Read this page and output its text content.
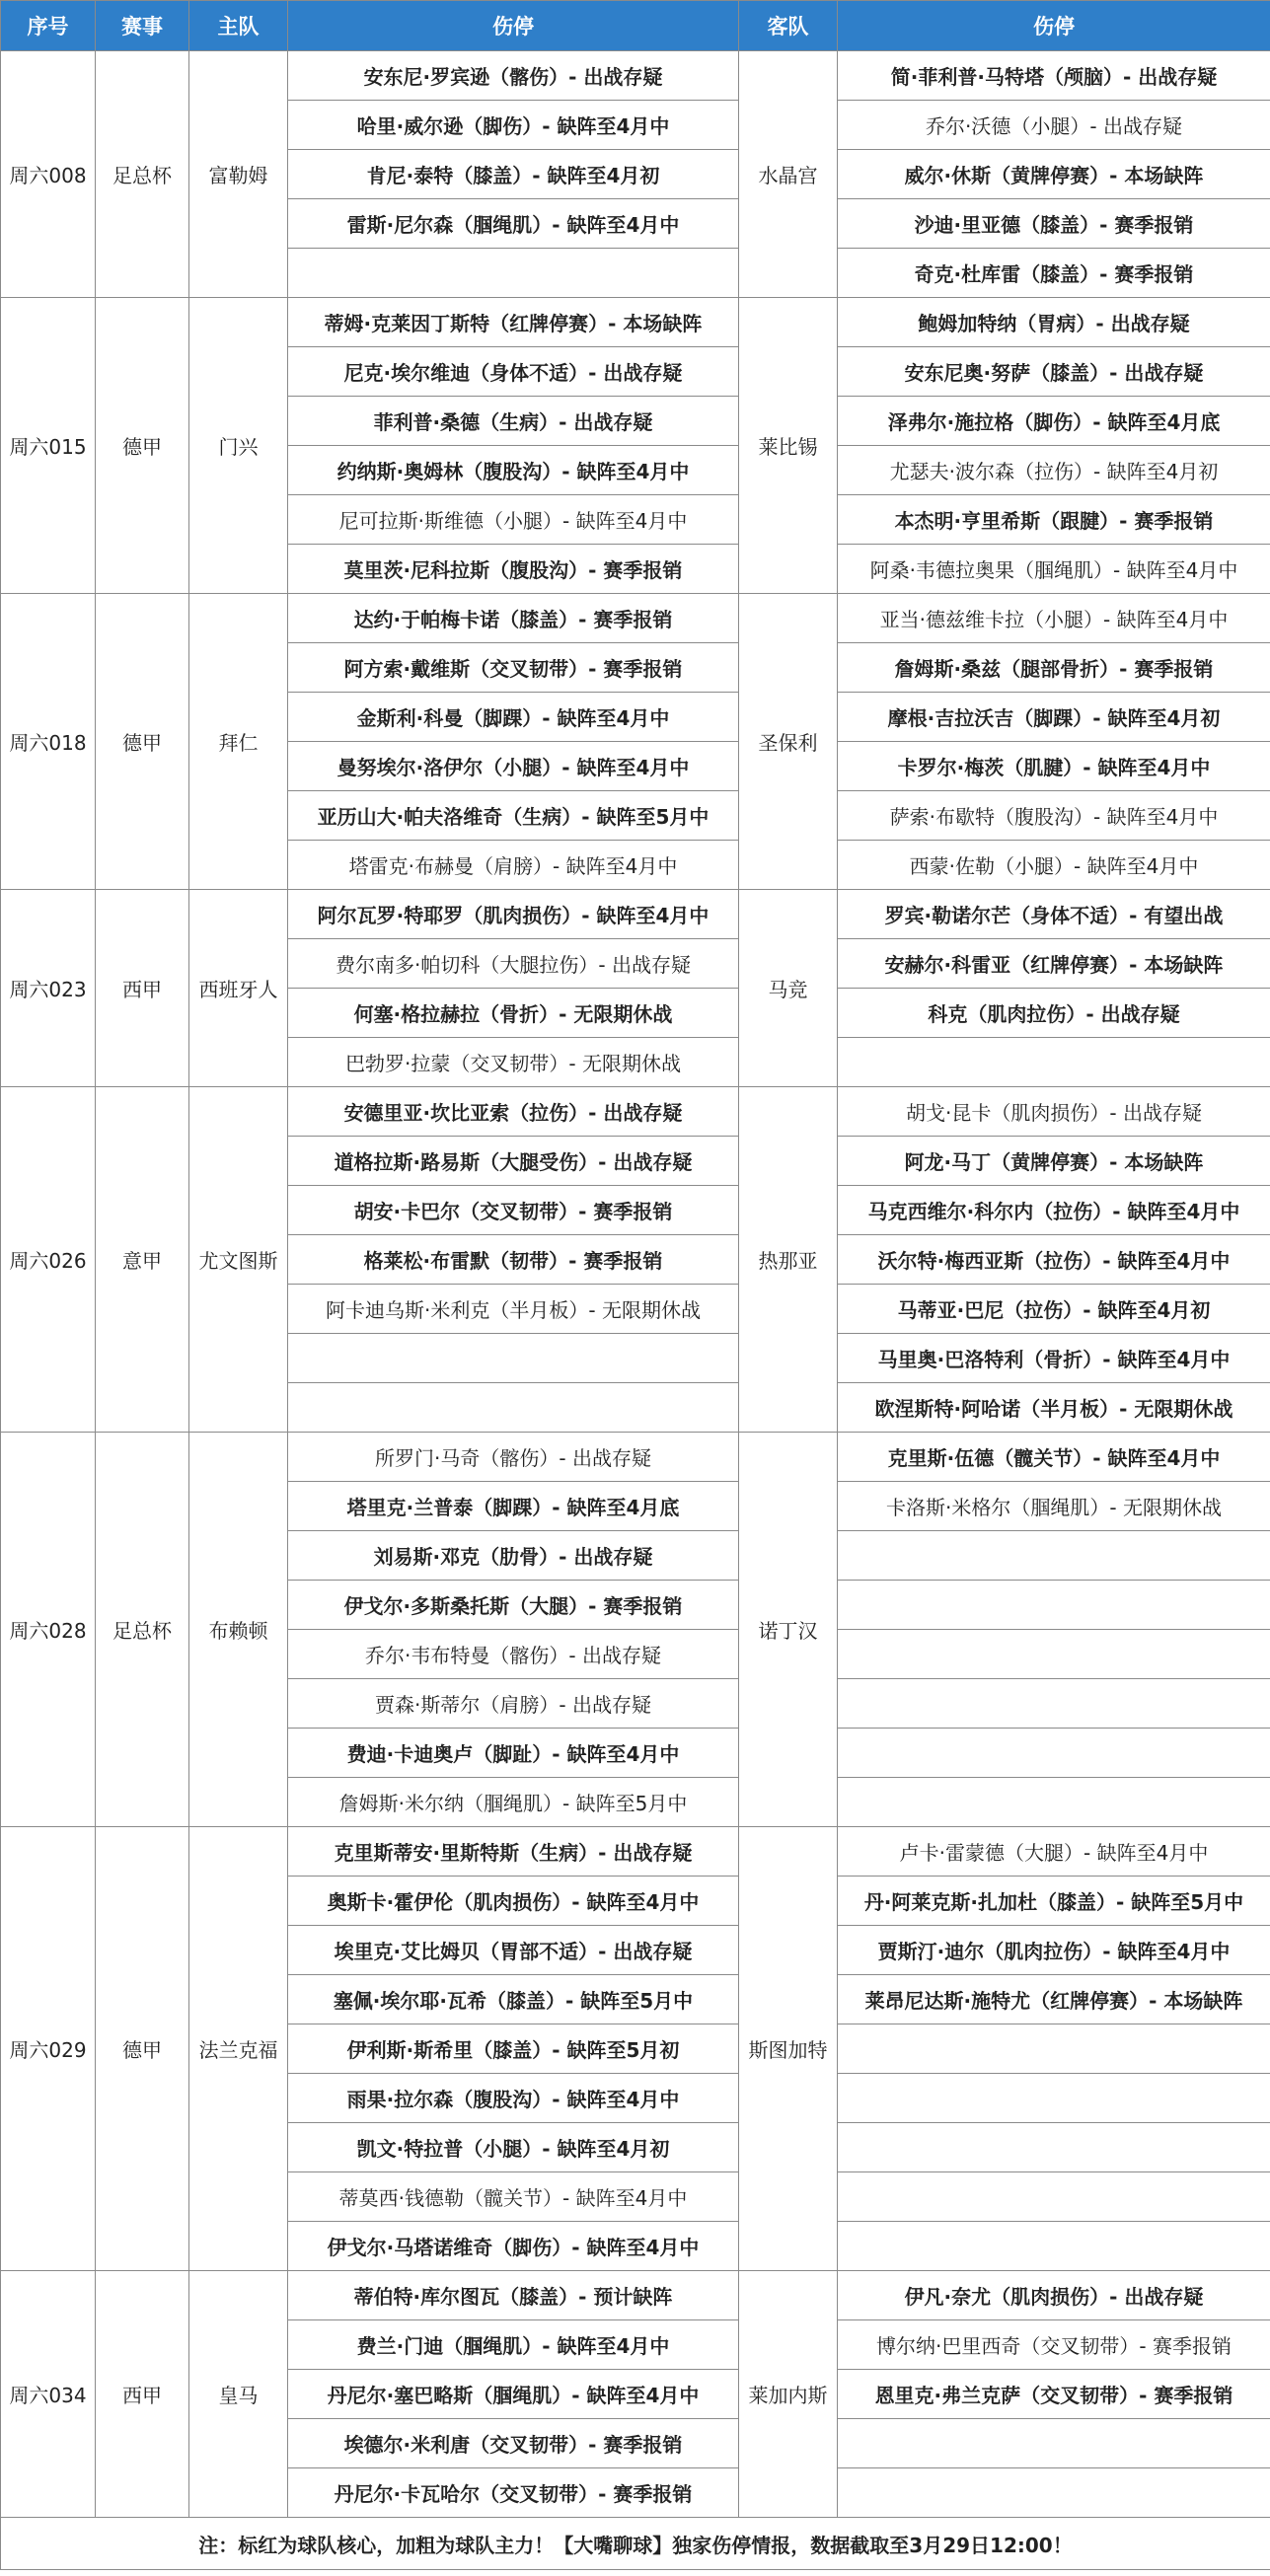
序号	赛事	主队	伤停	客队	伤停
周六008	足总杯	富勒姆	安东尼·罗宾逊（髂伤）- 出战存疑	水晶宫	简·菲利普·马特塔（颅脑）- 出战存疑
			哈里·威尔逊（脚伤）- 缺阵至4月中		乔尔·沃德（小腿）- 出战存疑
			肯尼·泰特（膝盖）- 缺阵至4月初		威尔·休斯（黄牌停赛）- 本场缺阵
			雷斯·尼尔森（腘绳肌）- 缺阵至4月中		沙迪·里亚德（膝盖）- 赛季报销
					奇克·杜库雷（膝盖）- 赛季报销
周六015	德甲	门兴	蒂姆·克莱因丁斯特（红牌停赛）- 本场缺阵	莱比锡	鲍姆加特纳（胃病）- 出战存疑
			尼克·埃尔维迪（身体不适）- 出战存疑		安东尼奥·努萨（膝盖）- 出战存疑
			菲利普·桑德（生病）- 出战存疑		泽弗尔·施拉格（脚伤）- 缺阵至4月底
			约纳斯·奥姆林（腹股沟）- 缺阵至4月中		尤瑟夫·波尔森（拉伤）- 缺阵至4月初
			尼可拉斯·斯维德（小腿）- 缺阵至4月中		本杰明·亨里希斯（跟腱）- 赛季报销
			莫里茨·尼科拉斯（腹股沟）- 赛季报销		阿桑·韦德拉奥果（腘绳肌）- 缺阵至4月中
周六018	德甲	拜仁	达约·于帕梅卡诺（膝盖）- 赛季报销	圣保利	亚当·德兹维卡拉（小腿）- 缺阵至4月中
			阿方索·戴维斯（交叉韧带）- 赛季报销		詹姆斯·桑兹（腿部骨折）- 赛季报销
			金斯利·科曼（脚踝）- 缺阵至4月中		摩根·吉拉沃吉（脚踝）- 缺阵至4月初
			曼努埃尔·洛伊尔（小腿）- 缺阵至4月中		卡罗尔·梅茨（肌腱）- 缺阵至4月中
			亚历山大·帕夫洛维奇（生病）- 缺阵至5月中		萨索·布歇特（腹股沟）- 缺阵至4月中
			塔雷克·布赫曼（肩膀）- 缺阵至4月中		西蒙·佐勒（小腿）- 缺阵至4月中
周六023	西甲	西班牙人	阿尔瓦罗·特耶罗（肌肉损伤）- 缺阵至4月中	马竞	罗宾·勒诺尔芒（身体不适）- 有望出战
			费尔南多·帕切科（大腿拉伤）- 出战存疑		安赫尔·科雷亚（红牌停赛）- 本场缺阵
			何塞·格拉赫拉（骨折）- 无限期休战		科克（肌肉拉伤）- 出战存疑
			巴勃罗·拉蒙（交叉韧带）- 无限期休战		
周六026	意甲	尤文图斯	安德里亚·坎比亚索（拉伤）- 出战存疑	热那亚	胡戈·昆卡（肌肉损伤）- 出战存疑
			道格拉斯·路易斯（大腿受伤）- 出战存疑		阿龙·马丁（黄牌停赛）- 本场缺阵
			胡安·卡巴尔（交叉韧带）- 赛季报销		马克西维尔·科尔内（拉伤）- 缺阵至4月中
			格莱松·布雷默（韧带）- 赛季报销		沃尔特·梅西亚斯（拉伤）- 缺阵至4月中
			阿卡迪乌斯·米利克（半月板）- 无限期休战		马蒂亚·巴尼（拉伤）- 缺阵至4月初
					马里奥·巴洛特利（骨折）- 缺阵至4月中
					欧涅斯特·阿哈诺（半月板）- 无限期休战
周六028	足总杯	布赖顿	所罗门·马奇（髂伤）- 出战存疑	诺丁汉	克里斯·伍德（髋关节）- 缺阵至4月中
			塔里克·兰普泰（脚踝）- 缺阵至4月底		卡洛斯·米格尔（腘绳肌）- 无限期休战
			刘易斯·邓克（肋骨）- 出战存疑		
			伊戈尔·多斯桑托斯（大腿）- 赛季报销		
			乔尔·韦布特曼（髂伤）- 出战存疑		
			贾森·斯蒂尔（肩膀）- 出战存疑		
			费迪·卡迪奥卢（脚趾）- 缺阵至4月中		
			詹姆斯·米尔纳（腘绳肌）- 缺阵至5月中		
周六029	德甲	法兰克福	克里斯蒂安·里斯特斯（生病）- 出战存疑	斯图加特	卢卡·雷蒙德（大腿）- 缺阵至4月中
			奥斯卡·霍伊伦（肌肉损伤）- 缺阵至4月中		丹·阿莱克斯·扎加杜（膝盖）- 缺阵至5月中
			埃里克·艾比姆贝（胃部不适）- 出战存疑		贾斯汀·迪尔（肌肉拉伤）- 缺阵至4月中
			塞佩·埃尔耶·瓦希（膝盖）- 缺阵至5月中		莱昂尼达斯·施特尤（红牌停赛）- 本场缺阵
			伊利斯·斯希里（膝盖）- 缺阵至5月初		
			雨果·拉尔森（腹股沟）- 缺阵至4月中		
			凯文·特拉普（小腿）- 缺阵至4月初		
			蒂莫西·钱德勒（髋关节）- 缺阵至4月中		
			伊戈尔·马塔诺维奇（脚伤）- 缺阵至4月中		
周六034	西甲	皇马	蒂伯特·库尔图瓦（膝盖）- 预计缺阵	莱加内斯	伊凡·奈尤（肌肉损伤）- 出战存疑
			费兰·门迪（腘绳肌）- 缺阵至4月中		博尔纳·巴里西奇（交叉韧带）- 赛季报销
			丹尼尔·塞巴略斯（腘绳肌）- 缺阵至4月中		恩里克·弗兰克萨（交叉韧带）- 赛季报销
			埃德尔·米利唐（交叉韧带）- 赛季报销		
			丹尼尔·卡瓦哈尔（交叉韧带）- 赛季报销		
注：标红为球队核心，加粗为球队主力！【大嘴聊球】独家伤停情报，数据截取至3月29日12:00！					
